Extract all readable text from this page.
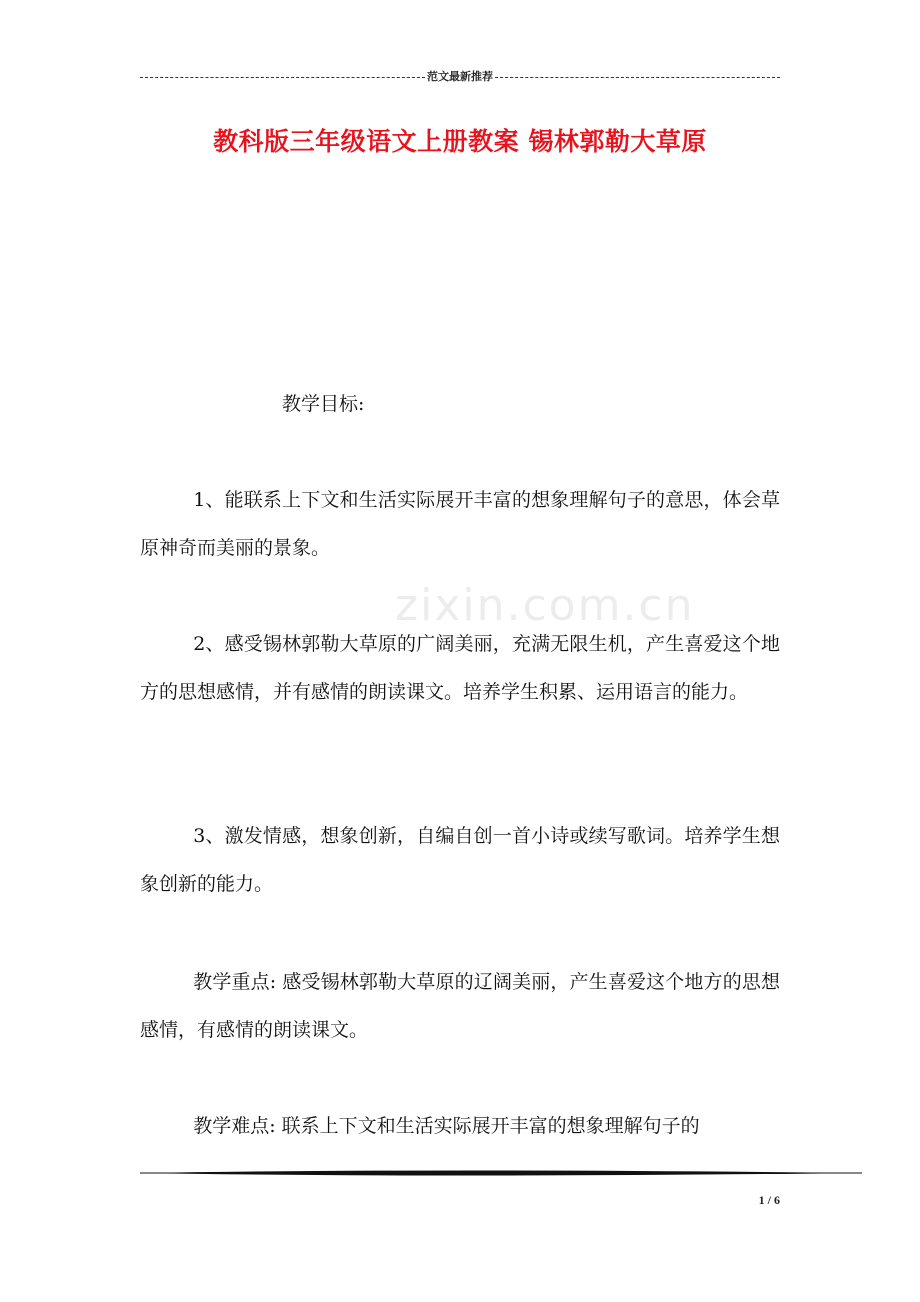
范文最新推荐
教科版三年级语文上册教案 锡林郭勒大草原
教学目标:
zixin.com.cn

1、能联系上下文和生活实际展开丰富的想象理解句子的意思，体会草原神奇而美丽的景象。

2、感受锡林郭勒大草原的广阔美丽，充满无限生机，产生喜爱这个地方的思想感情，并有感情的朗读课文。培养学生积累、运用语言的能力。

3、激发情感，想象创新，自编自创一首小诗或续写歌词。培养学生想象创新的能力。

教学重点: 感受锡林郭勒大草原的辽阔美丽，产生喜爱这个地方的思想感情，有感情的朗读课文。

教学难点: 联系上下文和生活实际展开丰富的想象理解句子的

1 / 6
